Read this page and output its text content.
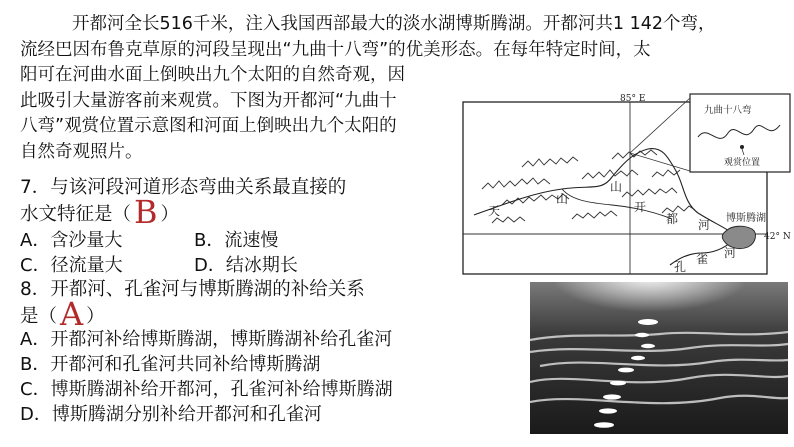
开都河全长516千米，注入我国西部最大的淡水湖博斯腾湖。开都河共1 142个弯，
流经巴因布鲁克草原的河段呈现出“九曲十八弯”的优美形态。在每年特定时间，太
阳可在河曲水面上倒映出九个太阳的自然奇观，因
此吸引大量游客前来观赏。下图为开都河“九曲十
八弯”观赏位置示意图和河面上倒映出九个太阳的
自然奇观照片。
7．与该河段河道形态弯曲关系最直接的
水文特征是（B ）
A．含沙量大	B．流速慢
C．径流量大	D．结冰期长
8．开都河、孔雀河与博斯腾湖的补给关系
是（A ）
A．开都河补给博斯腾湖，博斯腾湖补给孔雀河
B．开都河和孔雀河共同补给博斯腾湖
C．博斯腾湖补给开都河，孔雀河补给博斯腾湖
D．博斯腾湖分别补给开都河和孔雀河
85° E
42° N
九曲十八弯
观赏位置
天
山
山
开
都 河 博斯腾湖
孔
雀 河
